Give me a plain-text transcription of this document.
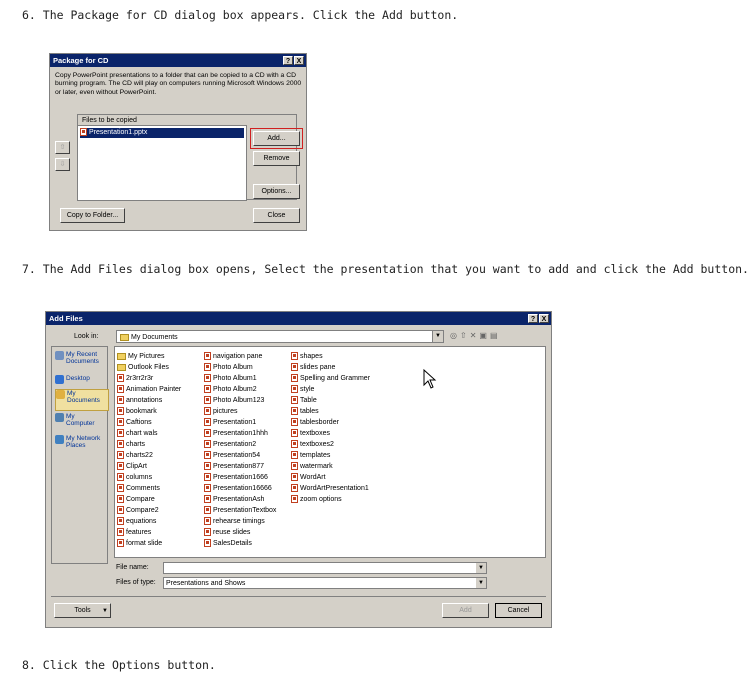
6. The Package for CD dialog box appears. Click the Add button.
7. The Add Files dialog box opens, Select the presentation that you want to add and click the Add button.
8. Click the Options button.
Package for CD	? X
Copy PowerPoint presentations to a folder that can be copied to a CD with a CD burning program. The CD will play on computers running Microsoft Windows 2000 or later, even without PowerPoint.
Files to be copied
Presentation1.pptx
⇧
⇩
Add...
Remove
Options...
Copy to Folder...	Close
Add Files	? X
Look in:	My Documents	▼ ◎⇧✕▣▤
My Recent Documents
Desktop
My Documents
My Computer
My Network Places
My Pictures
Outlook Files
2r3rr2r3r
Animation Painter
annotations
bookmark
Caftions
chart wals
charts
charts22
ClipArt
columns
Comments
Compare
Compare2
equations
features
format slide
navigation pane
Photo Album
Photo Album1
Photo Album2
Photo Album123
pictures
Presentation1
Presentation1hhh
Presentation2
Presentation54
Presentation877
Presentation1666
Presentation16666
PresentationAsh
PresentationTextbox
rehearse timings
reuse slides
SalesDetails
shapes
slides pane
Spelling and Grammer
style
Table
tables
tablesborder
textboxes
textboxes2
templates
watermark
WordArt
WordArtPresentation1
zoom options
File name:	▼
Files of type:	Presentations and Shows	▼
Tools ▼	Add	Cancel
